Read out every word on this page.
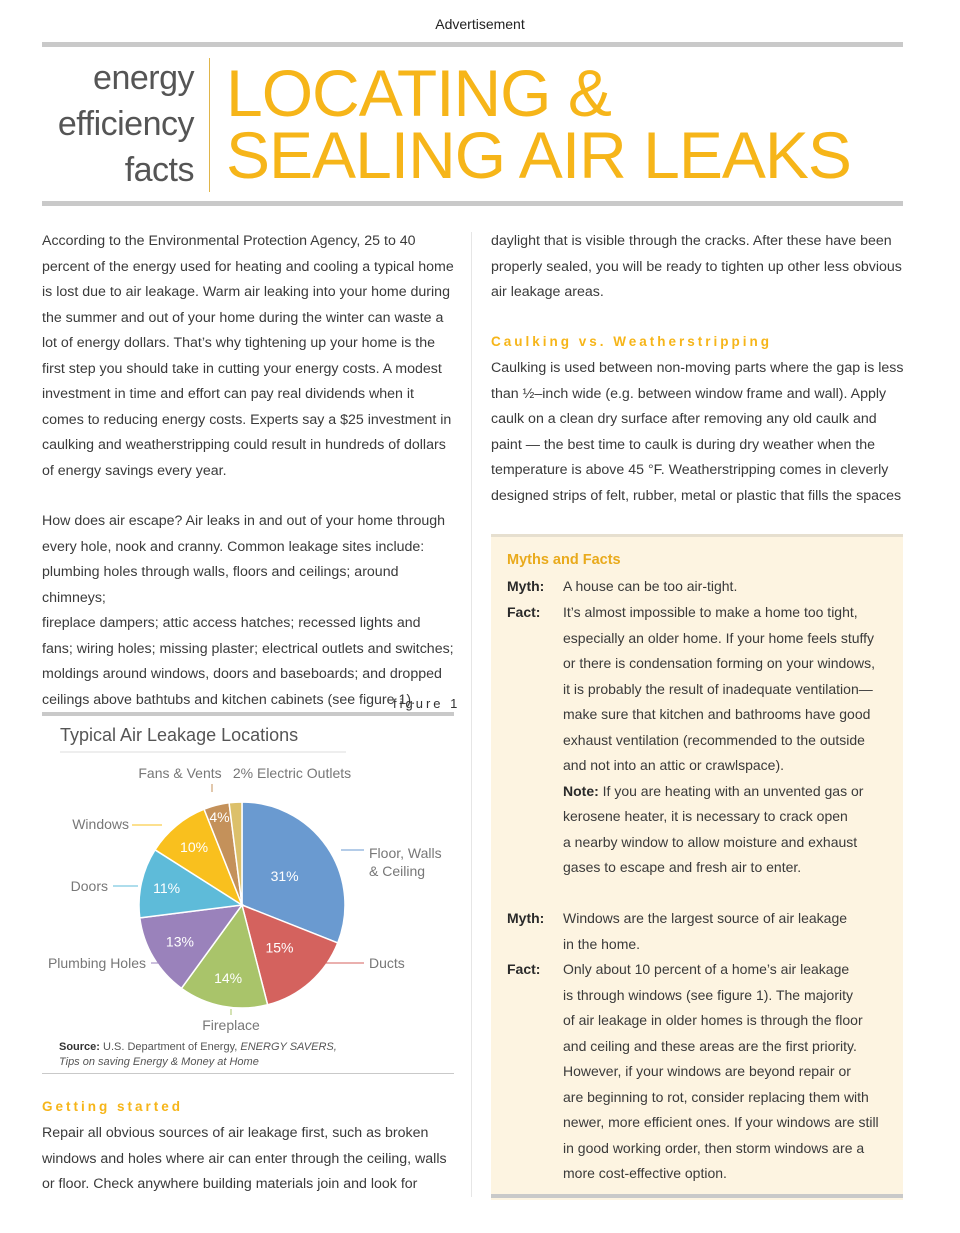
Advertisement
energy
efficiency
facts
LOCATING &
SEALING AIR LEAKS
According to the Environmental Protection Agency, 25 to 40
percent of the energy used for heating and cooling a typical home
is lost due to air leakage. Warm air leaking into your home during
the summer and out of your home during the winter can waste a
lot of energy dollars. That’s why tightening up your home is the
first step you should take in cutting your energy costs. A modest
investment in time and effort can pay real dividends when it
comes to reducing energy costs. Experts say a $25 investment in
caulking and weatherstripping could result in hundreds of dollars
of energy savings every year.
How does air escape? Air leaks in and out of your home through
every hole, nook and cranny. Common leakage sites include:
plumbing holes through walls, floors and ceilings; around chimneys;
fireplace dampers; attic access hatches; recessed lights and
fans; wiring holes; missing plaster; electrical outlets and switches;
moldings around windows, doors and baseboards; and dropped
ceilings above bathtubs and kitchen cabinets (see figure 1).
figure 1
Typical Air Leakage Locations
31%
Floor, Walls & Ceiling
15%
Ducts
14%
Fireplace
13%
Plumbing Holes
11%
Doors
10%
Windows	4%
Fans & Vents 2% Electric Outlets
Source: U.S. Department of Energy, ENERGY SAVERS,
Tips on saving Energy & Money at Home
Getting started
Repair all obvious sources of air leakage first, such as broken
windows and holes where air can enter through the ceiling, walls
or floor. Check anywhere building materials join and look for
daylight that is visible through the cracks. After these have been
properly sealed, you will be ready to tighten up other less obvious
air leakage areas.
Caulking vs. Weatherstripping
Caulking is used between non-moving parts where the gap is less
than ½–inch wide (e.g. between window frame and wall). Apply
caulk on a clean dry surface after removing any old caulk and
paint — the best time to caulk is during dry weather when the
temperature is above 45 °F. Weatherstripping comes in cleverly
designed strips of felt, rubber, metal or plastic that fills the spaces
Myths and Facts
Myth: A house can be too air-tight.
Fact: It’s almost impossible to make a home too tight,
especially an older home. If your home feels stuffy
or there is condensation forming on your windows,
it is probably the result of inadequate ventilation—
make sure that kitchen and bathrooms have good
exhaust ventilation (recommended to the outside
and not into an attic or crawlspace).
Note: If you are heating with an unvented gas or
kerosene heater, it is necessary to crack open
a nearby window to allow moisture and exhaust
gases to escape and fresh air to enter.
Myth: Windows are the largest source of air leakage
in the home.
Fact: Only about 10 percent of a home’s air leakage
is through windows (see figure 1). The majority
of air leakage in older homes is through the floor
and ceiling and these areas are the first priority.
However, if your windows are beyond repair or
are beginning to rot, consider replacing them with
newer, more efficient ones. If your windows are still
in good working order, then storm windows are a
more cost-effective option.
